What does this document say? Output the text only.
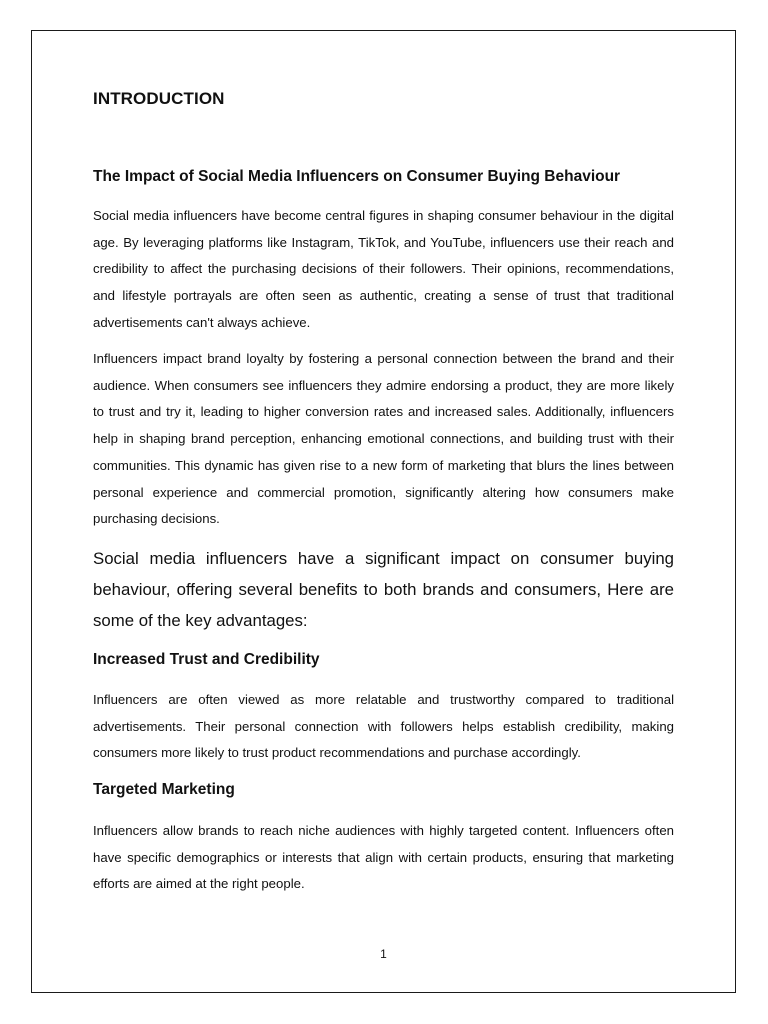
INTRODUCTION
The Impact of Social Media Influencers on Consumer Buying Behaviour

Social media influencers have become central figures in shaping consumer behaviour in the digital age. By leveraging platforms like Instagram, TikTok, and YouTube, influencers use their reach and credibility to affect the purchasing decisions of their followers. Their opinions, recommendations, and lifestyle portrayals are often seen as authentic, creating a sense of trust that traditional advertisements can't always achieve.

Influencers impact brand loyalty by fostering a personal connection between the brand and their audience. When consumers see influencers they admire endorsing a product, they are more likely to trust and try it, leading to higher conversion rates and increased sales. Additionally, influencers help in shaping brand perception, enhancing emotional connections, and building trust with their communities. This dynamic has given rise to a new form of marketing that blurs the lines between personal experience and commercial promotion, significantly altering how consumers make purchasing decisions.

Social media influencers have a significant impact on consumer buying behaviour, offering several benefits to both brands and consumers, Here are some of the key advantages:

Increased Trust and Credibility

Influencers are often viewed as more relatable and trustworthy compared to traditional advertisements. Their personal connection with followers helps establish credibility, making consumers more likely to trust product recommendations and purchase accordingly.

Targeted Marketing

Influencers allow brands to reach niche audiences with highly targeted content. Influencers often have specific demographics or interests that align with certain products, ensuring that marketing efforts are aimed at the right people.

1
